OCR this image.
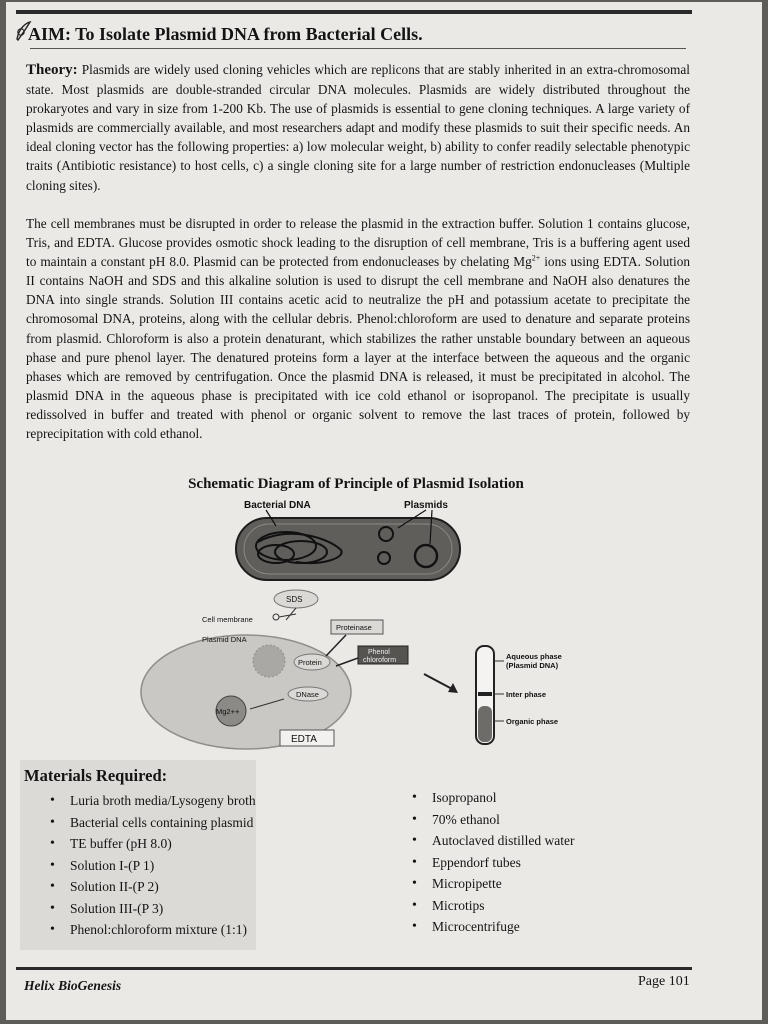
AIM: To Isolate Plasmid DNA from Bacterial Cells.
Theory: Plasmids are widely used cloning vehicles which are replicons that are stably inherited in an extra-chromosomal state. Most plasmids are double-stranded circular DNA molecules. Plasmids are widely distributed throughout the prokaryotes and vary in size from 1-200 Kb. The use of plasmids is essential to gene cloning techniques. A large variety of plasmids are commercially available, and most researchers adapt and modify these plasmids to suit their specific needs. An ideal cloning vector has the following properties: a) low molecular weight, b) ability to confer readily selectable phenotypic traits (Antibiotic resistance) to host cells, c) a single cloning site for a large number of restriction endonucleases (Multiple cloning sites).
The cell membranes must be disrupted in order to release the plasmid in the extraction buffer. Solution 1 contains glucose, Tris, and EDTA. Glucose provides osmotic shock leading to the disruption of cell membrane, Tris is a buffering agent used to maintain a constant pH 8.0. Plasmid can be protected from endonucleases by chelating $Mg^{2+}$ ions using EDTA. Solution II contains NaOH and SDS and this alkaline solution is used to disrupt the cell membrane and NaOH also denatures the DNA into single strands. Solution III contains acetic acid to neutralize the pH and potassium acetate to precipitate the chromosomal DNA, proteins, along with the cellular debris. Phenol:chloroform are used to denature and separate proteins from plasmid. Chloroform is also a protein denaturant, which stabilizes the rather unstable boundary between an aqueous phase and pure phenol layer. The denatured proteins form a layer at the interface between the aqueous and the organic phases which are removed by centrifugation. Once the plasmid DNA is released, it must be precipitated in alcohol. The plasmid DNA in the aqueous phase is precipitated with ice cold ethanol or isopropanol. The precipitate is usually redissolved in buffer and treated with phenol or organic solvent to remove the last traces of protein, followed by reprecipitation with cold ethanol.
Schematic Diagram of Principle of Plasmid Isolation
Bacterial DNA	Plasmids
SDS
Cell membrane
Plasmid DNA
Protein
DNase
Mg2++
Proteinase
Phenol
chloroform
EDTA
Aqueous phase
(Plasmid DNA)
Inter phase
Organic phase
Materials Required:
• Luria broth media/Lysogeny broth
• Bacterial cells containing plasmid
• TE buffer (pH 8.0)
• Solution I-(P 1)
• Solution II-(P 2)
• Solution III-(P 3)
• Phenol:chloroform mixture (1:1)
• Isopropanol
• 70% ethanol
• Autoclaved distilled water
• Eppendorf tubes
• Micropipette
• Microtips
• Microcentrifuge
Helix BioGenesis	Page 101
